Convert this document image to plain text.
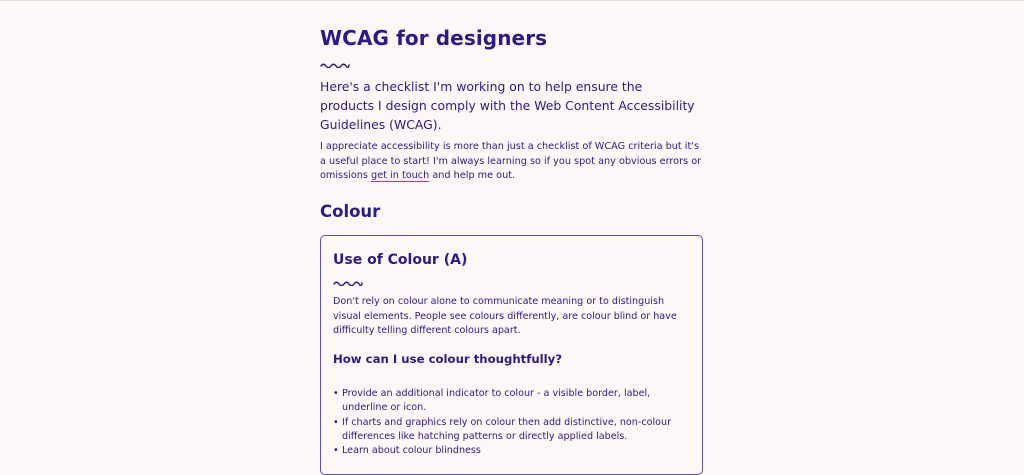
WCAG for designers

Here's a checklist I'm working on to help ensure the products I design comply with the Web Content Accessibility Guidelines (WCAG).

I appreciate accessibility is more than just a checklist of WCAG criteria but it's a useful place to start! I'm always learning so if you spot any obvious errors or omissions get in touch and help me out.

Colour
Use of Colour (A)

Don't rely on colour alone to communicate meaning or to distinguish visual elements. People see colours differently, are colour blind or have difficulty telling different colours apart.

How can I use colour thoughtfully?
• Provide an additional indicator to colour - a visible border, label, underline or icon.
• If charts and graphics rely on colour then add distinctive, non-colour differences like hatching patterns or directly applied labels.
• Learn about colour blindness
